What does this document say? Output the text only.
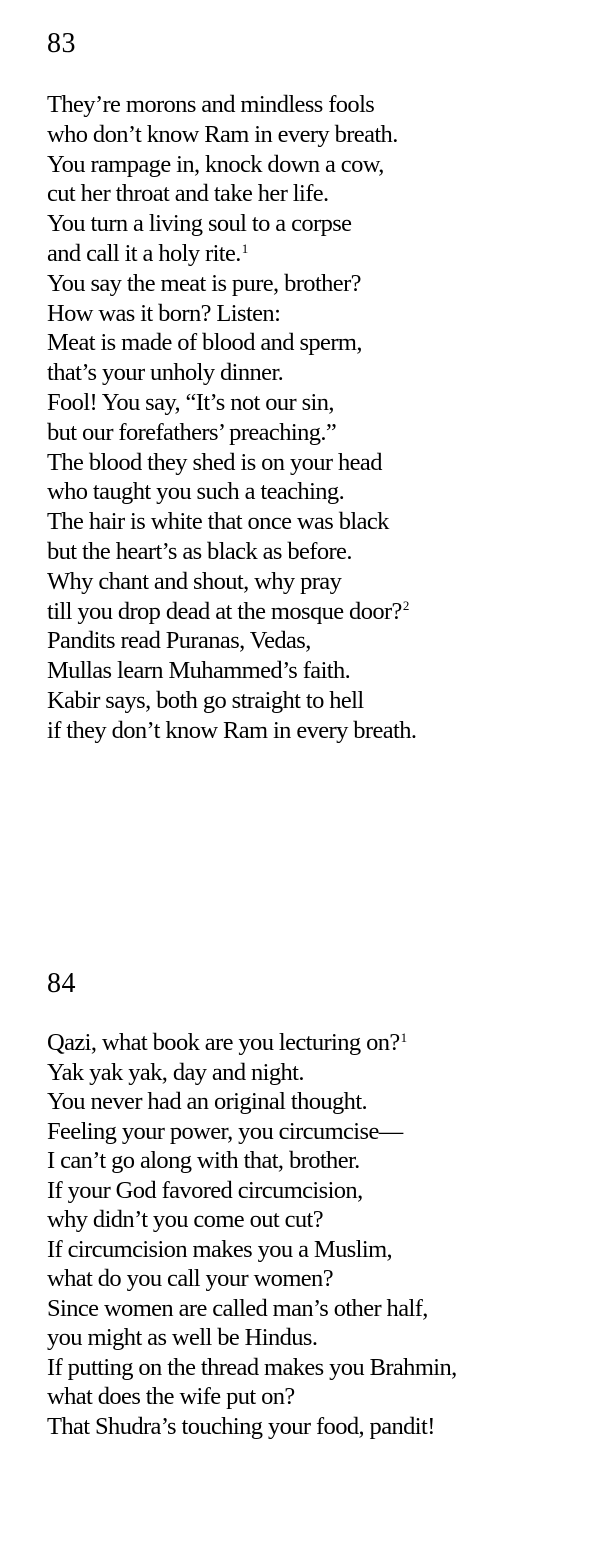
83
They’re morons and mindless fools
who don’t know Ram in every breath.
You rampage in, knock down a cow,
cut her throat and take her life.
You turn a living soul to a corpse
and call it a holy rite.$^1$
You say the meat is pure, brother?
How was it born? Listen:
Meat is made of blood and sperm,
that’s your unholy dinner.
Fool! You say, “It’s not our sin,
but our forefathers’ preaching.”
The blood they shed is on your head
who taught you such a teaching.
The hair is white that once was black
but the heart’s as black as before.
Why chant and shout, why pray
till you drop dead at the mosque door?$^2$
Pandits read Puranas, Vedas,
Mullas learn Muhammed’s faith.
Kabir says, both go straight to hell
if they don’t know Ram in every breath.
84
Qazi, what book are you lecturing on?$^1$
Yak yak yak, day and night.
You never had an original thought.
Feeling your power, you circumcise—
I can’t go along with that, brother.
If your God favored circumcision,
why didn’t you come out cut?
If circumcision makes you a Muslim,
what do you call your women?
Since women are called man’s other half,
you might as well be Hindus.
If putting on the thread makes you Brahmin,
what does the wife put on?
That Shudra’s touching your food, pandit!
